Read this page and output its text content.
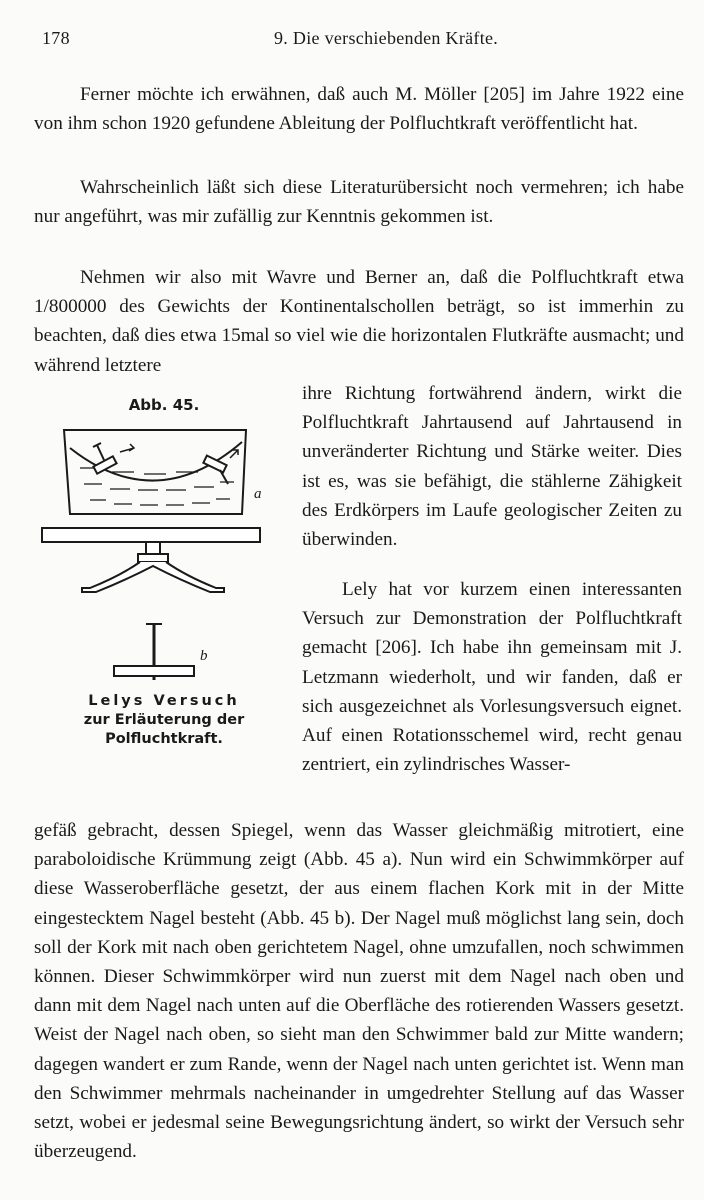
178	9. Die verschiebenden Kräfte.

Ferner möchte ich erwähnen, daß auch M. Möller [205] im Jahre 1922 eine von ihm schon 1920 gefundene Ableitung der Polfluchtkraft veröffentlicht hat.

Wahrscheinlich läßt sich diese Literaturübersicht noch vermehren; ich habe nur angeführt, was mir zufällig zur Kenntnis gekommen ist.

Nehmen wir also mit Wavre und Berner an, daß die Polfluchtkraft etwa 1/800000 des Gewichts der Kontinentalschollen beträgt, so ist immerhin zu beachten, daß dies etwa 15mal so viel wie die horizontalen Flutkräfte ausmacht; und während letztere

ihre Richtung fortwährend ändern, wirkt die Polfluchtkraft Jahrtausend auf Jahrtausend in unveränderter Richtung und Stärke weiter. Dies ist es, was sie befähigt, die stählerne Zähigkeit des Erdkörpers im Laufe geologischer Zeiten zu überwinden.

Lely hat vor kurzem einen interessanten Versuch zur Demonstration der Polfluchtkraft gemacht [206]. Ich habe ihn gemeinsam mit J. Letzmann wiederholt, und wir fanden, daß er sich ausgezeichnet als Vorlesungsversuch eignet. Auf einen Rotationsschemel wird, recht genau zentriert, ein zylindrisches Wasser-

gefäß gebracht, dessen Spiegel, wenn das Wasser gleichmäßig mitrotiert, eine paraboloidische Krümmung zeigt (Abb. 45 a). Nun wird ein Schwimmkörper auf diese Wasseroberfläche gesetzt, der aus einem flachen Kork mit in der Mitte eingestecktem Nagel besteht (Abb. 45 b). Der Nagel muß möglichst lang sein, doch soll der Kork mit nach oben gerichtetem Nagel, ohne umzufallen, noch schwimmen können. Dieser Schwimmkörper wird nun zuerst mit dem Nagel nach oben und dann mit dem Nagel nach unten auf die Oberfläche des rotierenden Wassers gesetzt. Weist der Nagel nach oben, so sieht man den Schwimmer bald zur Mitte wandern; dagegen wandert er zum Rande, wenn der Nagel nach unten gerichtet ist. Wenn man den Schwimmer mehrmals nacheinander in umgedrehter Stellung auf das Wasser setzt, wobei er jedesmal seine Bewegungsrichtung ändert, so wirkt der Versuch sehr überzeugend.

Abb. 45.
a
b
Lelys Versuch
zur Erläuterung der
Polfluchtkraft.
